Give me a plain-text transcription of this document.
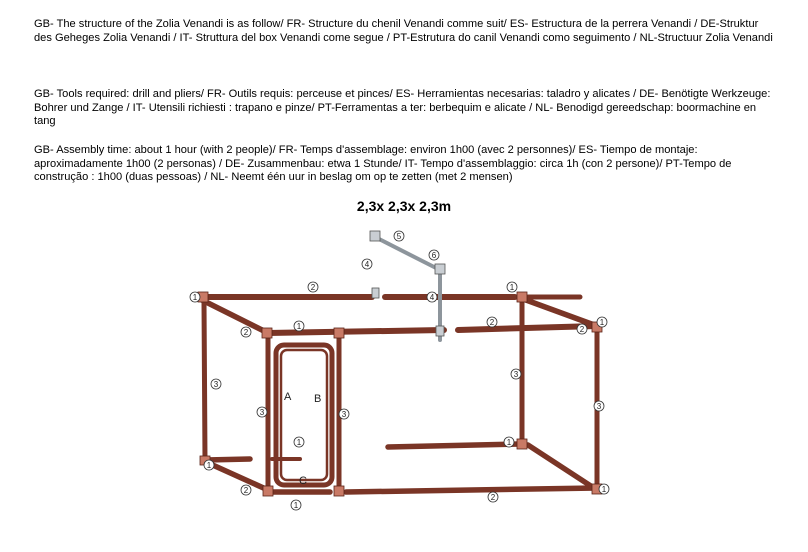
GB- The structure of the Zolia Venandi is as follow/ FR- Structure du chenil Venandi comme suit/ ES- Estructura de la perrera Venandi / DE-Struktur des Geheges Zolia Venandi / IT- Struttura del box Venandi come segue / PT-Estrutura do canil Venandi como seguimento / NL-Structuur Zolia Venandi

GB- Tools required: drill and pliers/ FR- Outils requis: perceuse et pinces/ ES- Herramientas necesarias: taladro y alicates / DE- Benötigte Werkzeuge: Bohrer und Zange / IT- Utensili richiesti : trapano e pinze/ PT-Ferramentas a ter: berbequim e alicate / NL- Benodigd gereedschap: boormachine en tang

GB- Assembly time: about 1 hour (with 2 people)/ FR- Temps d'assemblage: environ 1h00 (avec 2 personnes)/ ES- Tiempo de montaje: aproximadamente 1h00 (2 personas) / DE- Zusammenbau: etwa 1 Stunde/ IT- Tempo d'assemblaggio: circa 1h (con 2 persone)/ PT-Tempo de construção : 1h00 (duas pessoas) / NL- Neemt één uur in beslag om op te zetten (met 2 mensen)

2,3x 2,3x 2,3m
1
2	1
2
1	2
2
1
3
3	3
3
3
1
1	1
2
1
2
1
4
5
6
4
A B
C
